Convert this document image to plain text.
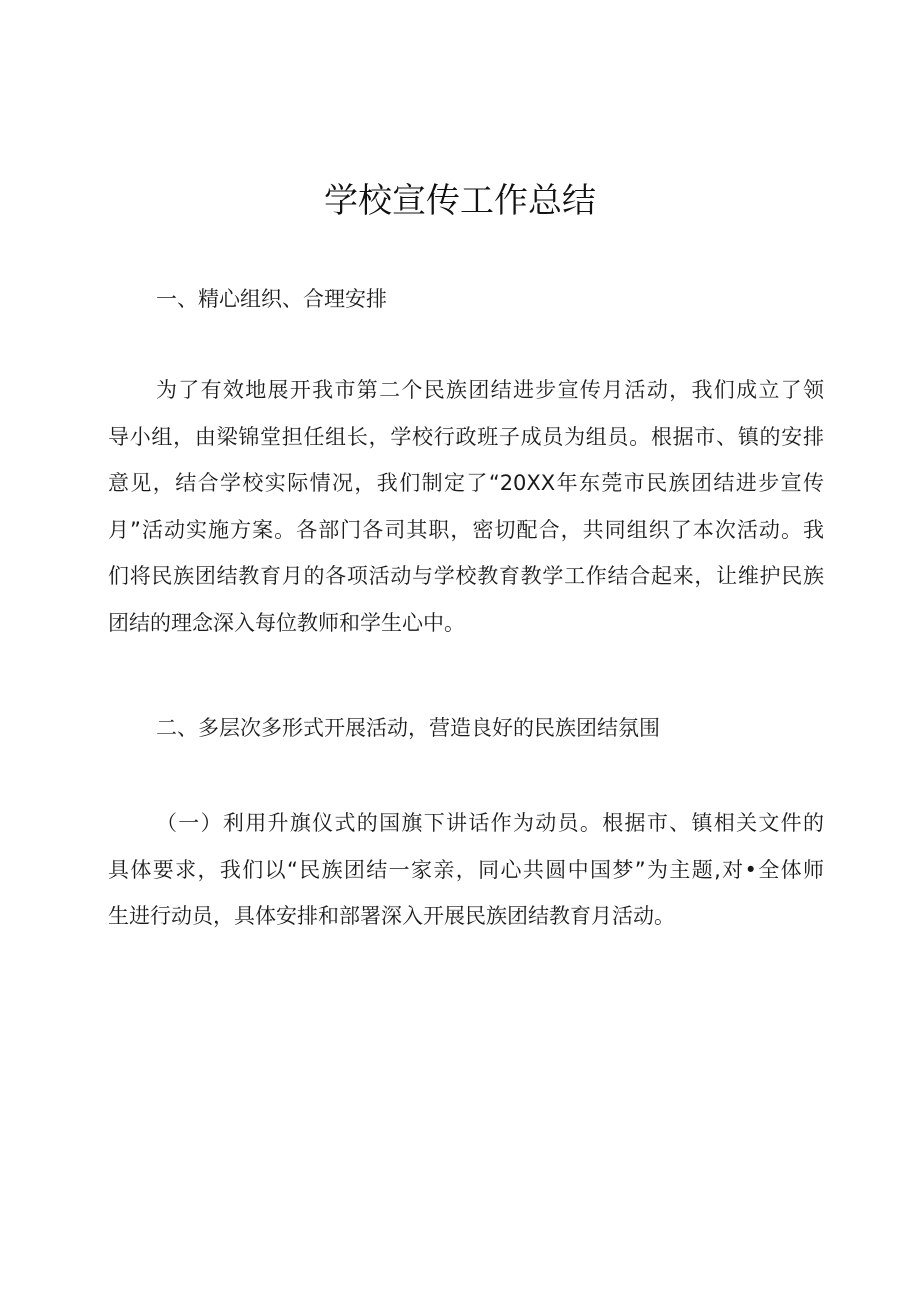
学校宣传工作总结
一、精心组织、合理安排
为了有效地展开我市第二个民族团结进步宣传月活动，我们成立了领
导小组，由梁锦堂担任组长，学校行政班子成员为组员。根据市、镇的安排
意见，结合学校实际情况，我们制定了“20XX年东莞市民族团结进步宣传
月”活动实施方案。各部门各司其职，密切配合，共同组织了本次活动。我
们将民族团结教育月的各项活动与学校教育教学工作结合起来，让维护民族
团结的理念深入每位教师和学生心中。
二、多层次多形式开展活动，营造良好的民族团结氛围
（一）利用升旗仪式的国旗下讲话作为动员。根据市、镇相关文件的
具体要求，我们以“民族团结一家亲，同心共圆中国梦”为主题,对•全体师
生进行动员，具体安排和部署深入开展民族团结教育月活动。
